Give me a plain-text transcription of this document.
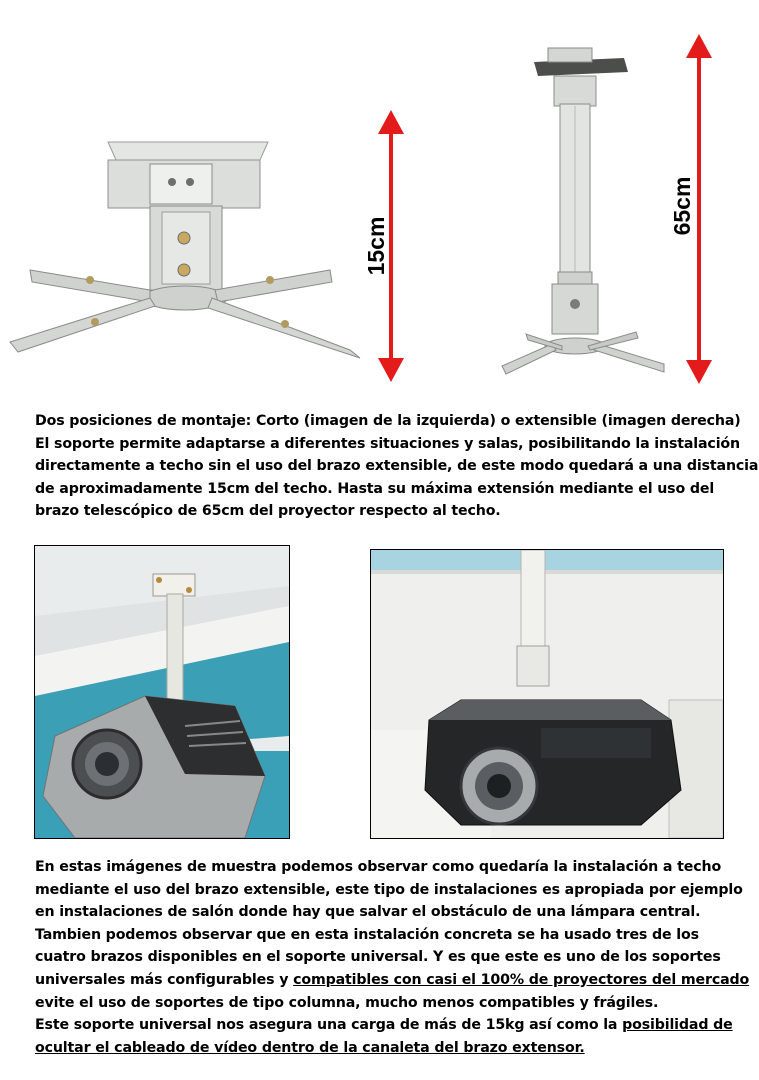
15cm
65cm
Dos posiciones de montaje: Corto (imagen de la izquierda) o extensible (imagen derecha)
El soporte permite adaptarse a diferentes situaciones y salas, posibilitando la instalación
directamente a techo sin el uso del brazo extensible, de este modo quedará a una distancia
de aproximadamente 15cm del techo. Hasta su máxima extensión mediante el uso del
brazo telescópico de 65cm del proyector respecto al techo.
En estas imágenes de muestra podemos observar como quedaría la instalación a techo
mediante el uso del brazo extensible, este tipo de instalaciones es apropiada por ejemplo
en instalaciones de salón donde hay que salvar el obstáculo de una lámpara central.
Tambien podemos observar que en esta instalación concreta se ha usado tres de los
cuatro brazos disponibles en el soporte universal. Y es que este es uno de los soportes
universales más configurables y compatibles con casi el 100% de proyectores del mercado
evite el uso de soportes de tipo columna, mucho menos compatibles y frágiles.
Este soporte universal nos asegura una carga de más de 15kg así como la posibilidad de
ocultar el cableado de vídeo dentro de la canaleta del brazo extensor.
